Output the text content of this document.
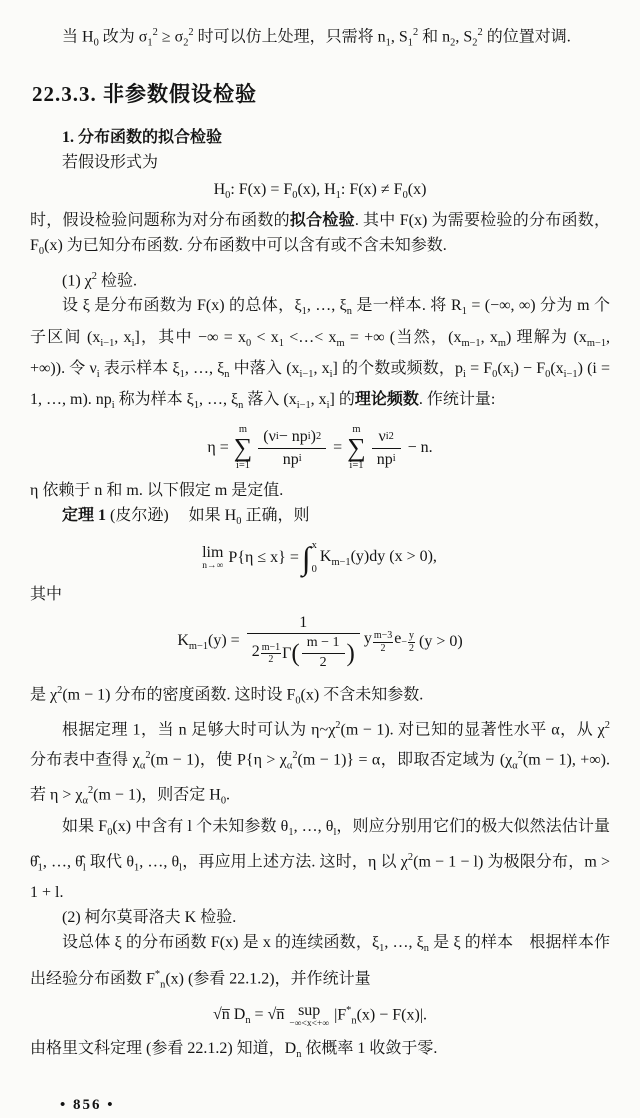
当 $H_0$ 改为 $\sigma_1^2 \ge \sigma_2^2$ 时可以仿上处理，只需将 $n_1$, $S_1^2$ 和 $n_2$, $S_2^2$ 的位置对调.

22.3.3. 非参数假设检验

1. 分布函数的拟合检验

若假设形式为

$H_0$: $F(x) = F_0(x)$, $H_1$: $F(x) \ne F_0(x)$

时，假设检验问题称为对分布函数的拟合检验. 其中 F(x) 为需要检验的分布函数，$F_0(x)$ 为已知分布函数. 分布函数中可以含有或不含未知参数.

(1) $\chi^2$ 检验.

设 ξ 是分布函数为 F(x) 的总体，$\xi_1$, …, $\xi_n$ 是一样本. 将 $R_1$ = (−∞, ∞) 分为 m 个子区间 ($x_{i-1}$, $x_i$]，其中 −∞ = $x_0 < x_1$ <…< $x_m$ = +∞ (当然，($x_{m-1}$, $x_m$) 理解为 ($x_{m-1}$, +∞)). 令 $\nu_i$ 表示样本 $\xi_1$, …, $\xi_n$ 中落入 ($x_{i-1}$, $x_i$] 的个数或频数，$p_i = F_0(x_i) - F_0(x_{i-1}) (i = 1$, …, m). $np_i$ 称为样本 $\xi_1$, …, $\xi_n$ 落入 ($x_{i-1}$, $x_i$] 的理论频数. 作统计量:

η =
m
∑
$i=1 \frac{\text{(ν i − np i ) 2}}{\text{np i}}$ =
m
∑
$i=1 \frac{\text{ν i 2}}{\text{np i}} - n$.

η 依赖于 n 和 m. 以下假定 m 是定值.

定理 1 (皮尔逊)　 如果 $H_0$ 正确，则

lim
n→∞ P{η ≤ x} = ∫ x
0
$K_{m-1}(y)dy$ (x > 0),

其中

$K_{m-1}(y)$ =
1
$2 \frac{m-1}{2}$ Γ ( $\frac{m - 1}{2}$ )
y $\frac{m-3}{2}$ $e - \frac{y}{2} (y > 0)$

是 $\chi^2(m - 1)$ 分布的密度函数. 这时设 $F_0(x)$ 不含未知参数.

根据定理 1，当 n 足够大时可认为 $\eta\sim\chi^2(m - 1)$. 对已知的显著性水平 α，从 $\chi^2$ 分布表中查得 $\chi_\alpha^2(m - 1)$，使 $P\{\eta > \chi_\alpha^2(m - 1)\} = \alpha$，即取否定域为 ($\chi_\alpha^2(m - 1)$, +∞). 若 $\eta > \chi_\alpha^2(m - 1)$，则否定 $H_0$.

如果 $F_0(x)$ 中含有 l 个未知参数 $\theta_1$, …, $\theta_l$，则应分别用它们的极大似然法估计量 $\thetâ_1$, …, $\thetâ_l$ 取代 $\theta_1$, …, $\theta_l$，再应用上述方法. 这时，η 以 $\chi^2(m - 1 - l)$ 为极限分布，m > 1 + l.

(2) 柯尔莫哥洛夫 K 检验.

设总体 ξ 的分布函数 F(x) 是 x 的连续函数，$\xi_1$, …, $\xi_n$ 是 ξ 的样本　根据样本作出经验分布函数 $F^*_n(x)$ (参看 22.1.2)，并作统计量

√n̅ $D_n$ = √n̅ sup
−∞<x<+∞
$|F^*_n(x) - F(x)|$.

由格里文科定理 (参看 22.1.2) 知道，$D_n$ 依概率 1 收敛于零.

• 856 •
